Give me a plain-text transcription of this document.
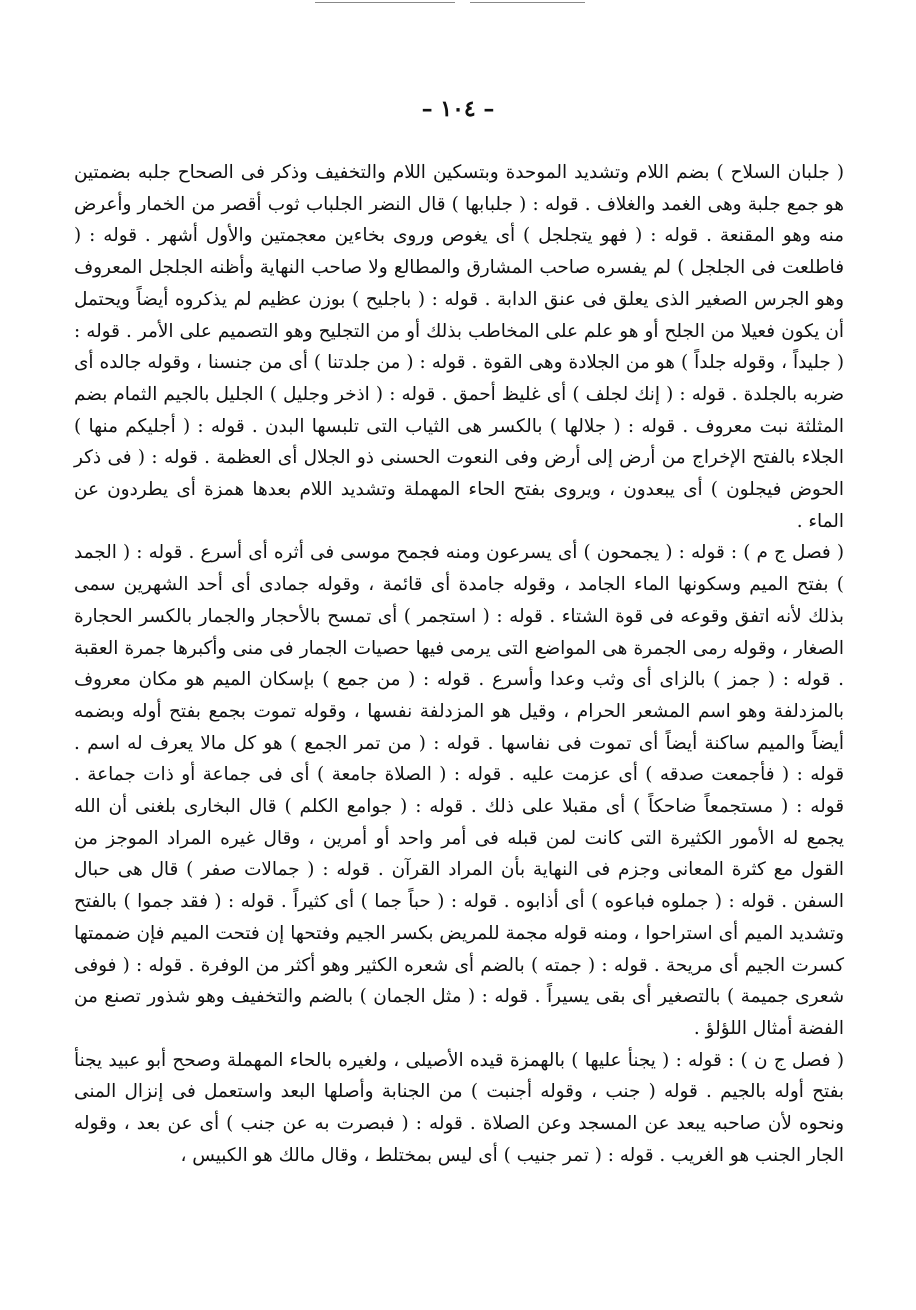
– ١٠٤ –

( جلبان السلاح ) بضم اللام وتشديد الموحدة وبتسكين اللام والتخفيف وذكر فى الصحاح جلبه بضمتين هو جمع جلبة وهى الغمد والغلاف . قوله : ( جلبابها ) قال النضر الجلباب ثوب أقصر من الخمار وأعرض منه وهو المقنعة . قوله : ( فهو يتجلجل ) أى يغوص وروى بخاءين معجمتين والأول أشهر . قوله : ( فاطلعت فى الجلجل ) لم يفسره صاحب المشارق والمطالع ولا صاحب النهاية وأظنه الجلجل المعروف وهو الجرس الصغير الذى يعلق فى عنق الدابة . قوله : ( باجليح ) بوزن عظيم لم يذكروه أيضاً ويحتمل أن يكون فعيلا من الجلح أو هو علم على المخاطب بذلك أو من التجليح وهو التصميم على الأمر . قوله : ( جليداً ، وقوله جلداً ) هو من الجلادة وهى القوة . قوله : ( من جلدتنا ) أى من جنسنا ، وقوله جالده أى ضربه بالجلدة . قوله : ( إنك لجلف ) أى غليظ أحمق . قوله : ( اذخر وجليل ) الجليل بالجيم الثمام بضم المثلثة نبت معروف . قوله : ( جلالها ) بالكسر هى الثياب التى تلبسها البدن . قوله : ( أجليكم منها ) الجلاء بالفتح الإخراج من أرض إلى أرض وفى النعوت الحسنى ذو الجلال أى العظمة . قوله : ( فى ذكر الحوض فيجلون ) أى يبعدون ، ويروى بفتح الحاء المهملة وتشديد اللام بعدها همزة أى يطردون عن الماء .

( فصل ج م ) : قوله : ( يجمحون ) أى يسرعون ومنه فجمح موسى فى أثره أى أسرع . قوله : ( الجمد ) بفتح الميم وسكونها الماء الجامد ، وقوله جامدة أى قائمة ، وقوله جمادى أى أحد الشهرين سمى بذلك لأنه اتفق وقوعه فى قوة الشتاء . قوله : ( استجمر ) أى تمسح بالأحجار والجمار بالكسر الحجارة الصغار ، وقوله رمى الجمرة هى المواضع التى يرمى فيها حصيات الجمار فى منى وأكبرها جمرة العقبة . قوله : ( جمز ) بالزاى أى وثب وعدا وأسرع . قوله : ( من جمع ) بإسكان الميم هو مكان معروف بالمزدلفة وهو اسم المشعر الحرام ، وقيل هو المزدلفة نفسها ، وقوله تموت بجمع بفتح أوله وبضمه أيضاً والميم ساكنة أيضاً أى تموت فى نفاسها . قوله : ( من تمر الجمع ) هو كل مالا يعرف له اسم . قوله : ( فأجمعت صدقه ) أى عزمت عليه . قوله : ( الصلاة جامعة ) أى فى جماعة أو ذات جماعة . قوله : ( مستجمعاً ضاحكاً ) أى مقبلا على ذلك . قوله : ( جوامع الكلم ) قال البخارى بلغنى أن الله يجمع له الأمور الكثيرة التى كانت لمن قبله فى أمر واحد أو أمرين ، وقال غيره المراد الموجز من القول مع كثرة المعانى وجزم فى النهاية بأن المراد القرآن . قوله : ( جمالات صفر ) قال هى حبال السفن . قوله : ( جملوه فباعوه ) أى أذابوه . قوله : ( حباً جما ) أى كثيراً . قوله : ( فقد جموا ) بالفتح وتشديد الميم أى استراحوا ، ومنه قوله مجمة للمريض بكسر الجيم وفتحها إن فتحت الميم فإن ضممتها كسرت الجيم أى مريحة . قوله : ( جمته ) بالضم أى شعره الكثير وهو أكثر من الوفرة . قوله : ( فوفى شعرى جميمة ) بالتصغير أى بقى يسيراً . قوله : ( مثل الجمان ) بالضم والتخفيف وهو شذور تصنع من الفضة أمثال اللؤلؤ .

( فصل ج ن ) : قوله : ( يجنأ عليها ) بالهمزة قيده الأصيلى ، ولغيره بالحاء المهملة وصحح أبو عبيد يجنأ بفتح أوله بالجيم . قوله ( جنب ، وقوله أجنبت ) من الجنابة وأصلها البعد واستعمل فى إنزال المنى ونحوه لأن صاحبه يبعد عن المسجد وعن الصلاة . قوله : ( فبصرت به عن جنب ) أى عن بعد ، وقوله الجار الجنب هو الغريب . قوله : ( تمر جنيب ) أى ليس بمختلط ، وقال مالك هو الكبيس ،
